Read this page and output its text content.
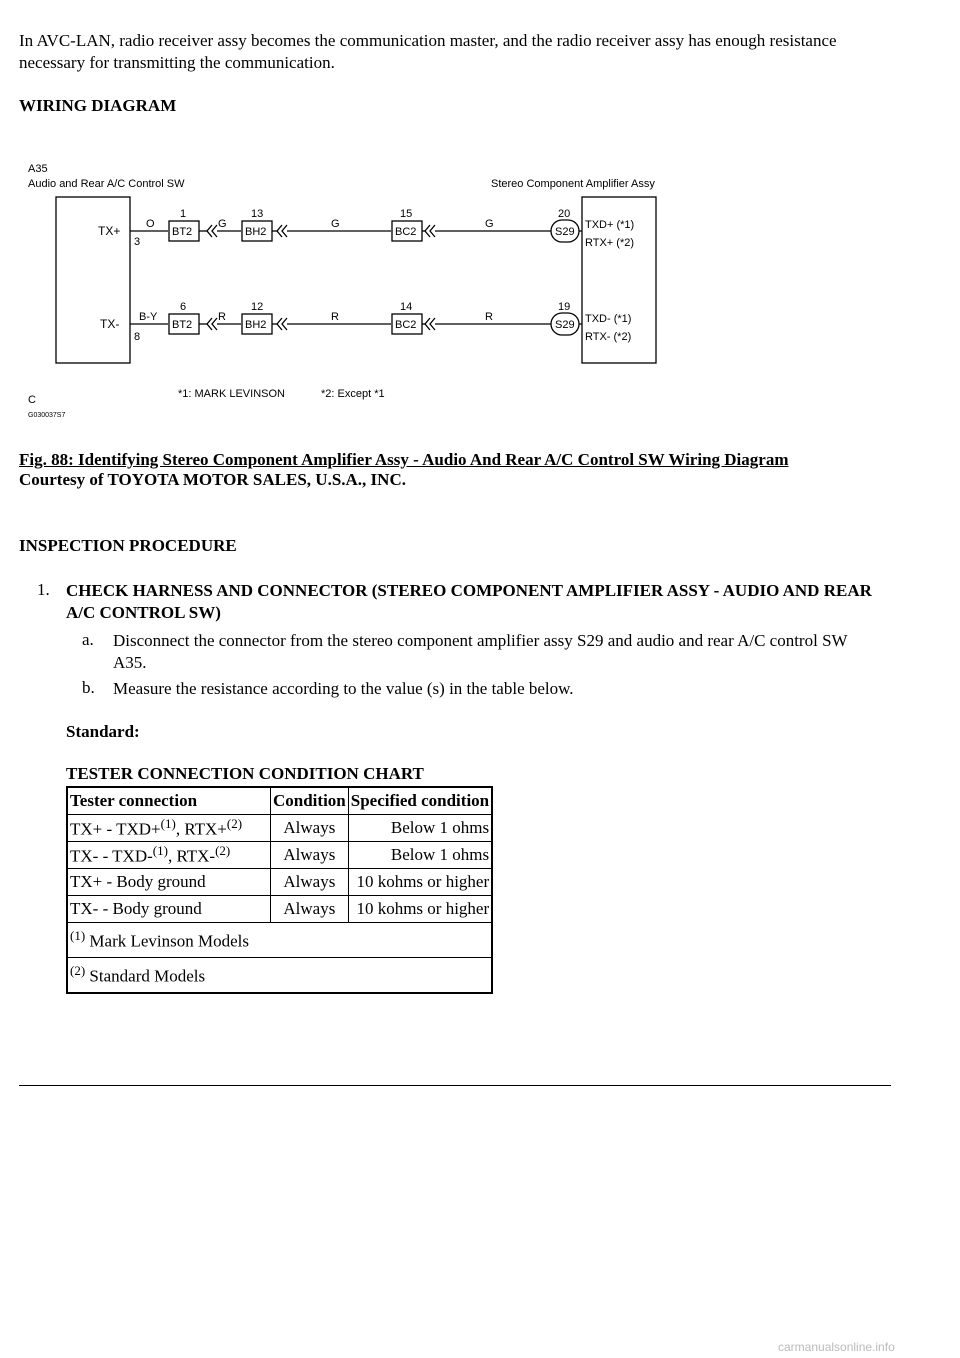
In AVC-LAN, radio receiver assy becomes the communication master, and the radio receiver assy has enough resistance necessary for transmitting the communication.

WIRING DIAGRAM
A35
Audio and Rear A/C Control SW	Stereo Component Amplifier Assy
TX+
TX-
3
8
O
B-Y
1	13	15	20
BT2	BH2	BC2	S29
G	G	G
6	12	14	19
BT2	BH2	BC2	S29
R	R	R
TXD+ (*1)
RTX+ (*2)
TXD- (*1)
RTX- (*2)
*1: MARK LEVINSON	*2: Except *1
C
G030037S7
Fig. 88: Identifying Stereo Component Amplifier Assy - Audio And Rear A/C Control SW Wiring Diagram
Courtesy of TOYOTA MOTOR SALES, U.S.A., INC.
INSPECTION PROCEDURE
1. CHECK HARNESS AND CONNECTOR (STEREO COMPONENT AMPLIFIER ASSY - AUDIO AND REAR A/C CONTROL SW)
a. Disconnect the connector from the stereo component amplifier assy S29 and audio and rear A/C control SW A35.
b. Measure the resistance according to the value (s) in the table below.
Standard:
TESTER CONNECTION CONDITION CHART
Tester connection	Condition	Specified condition
TX+ - TXD+$^{(1)}$, RTX+$^{(2)}$	Always	Below 1 ohms
TX- - TXD-$^{(1)}$, RTX-$^{(2)}$	Always	Below 1 ohms
TX+ - Body ground	Always	10 kohms or higher
TX- - Body ground	Always	10 kohms or higher
$^{(1)}$ Mark Levinson Models		
$^{(2)}$ Standard Models		
carmanualsonline.info
